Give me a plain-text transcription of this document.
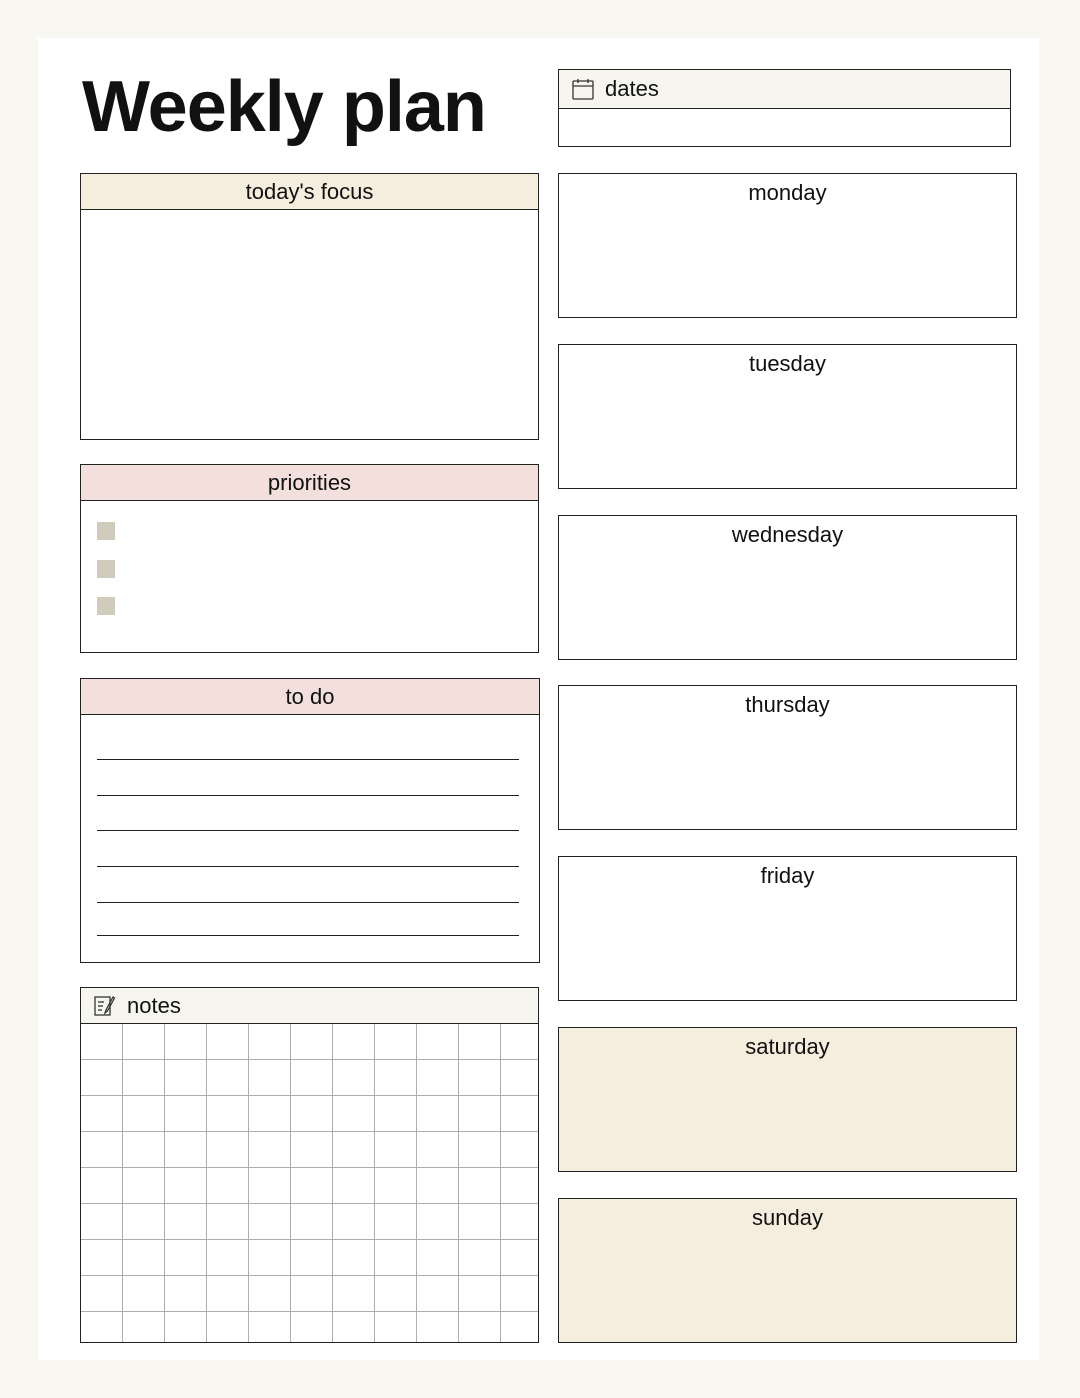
Weekly plan	dates
today's focus
priorities
to do
notes
monday
tuesday
wednesday
thursday
friday
saturday
sunday
